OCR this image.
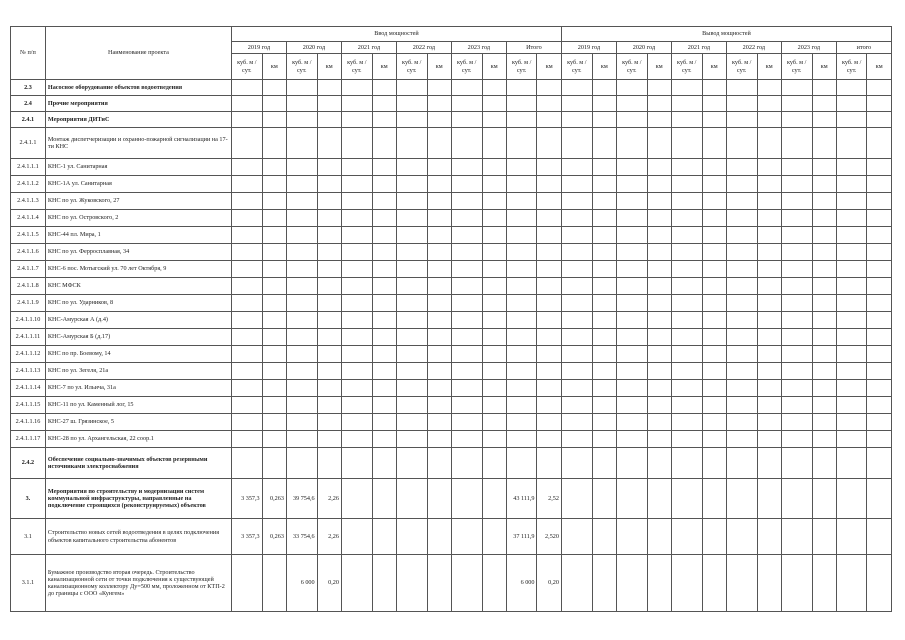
№ п/п	Наименование проекта	Ввод мощностей												Вывод мощностей											
		2019 год		2020 год		2021 год		2022 год		2023 год		Итого		2019 год		2020 год		2021 год		2022 год		2023 год		итого	
		куб. м / сут.	км	куб. м / сут.	км	куб. м / сут.	км	куб. м / сут.	км	куб. м / сут.	км	куб. м / сут.	км	куб. м / сут.	км	куб. м / сут.	км	куб. м / сут.	км	куб. м / сут.	км	куб. м / сут.	км	куб. м / сут.	км
2.3	Насосное оборудование объектов водоотведения																								
2.4	Прочие мероприятия																								
2.4.1	Мероприятия ДИТиС																								
2.4.1.1	Монтаж диспетчеризации и охранно-пожарной сигнализации на 17-ти КНС																								
2.4.1.1.1	КНС-1 ул. Санитарная																								
2.4.1.1.2	КНС-1А ул. Санитарная																								
2.4.1.1.3	КНС по ул. Жуковского, 27																								
2.4.1.1.4	КНС по ул. Островского, 2																								
2.4.1.1.5	КНС-44 пл. Мира, 1																								
2.4.1.1.6	КНС по ул. Ферросплавная, 34																								
2.4.1.1.7	КНС-6 пос. Мотыгский ул. 70 лет Октября, 9																								
2.4.1.1.8	КНС МФСК																								
2.4.1.1.9	КНС по ул. Ударников, 8																								
2.4.1.1.10	КНС-Амурская А (д.4)																								
2.4.1.1.11	КНС-Амурская Б (д.17)																								
2.4.1.1.12	КНС по пр. Боевому, 14																								
2.4.1.1.13	КНС по ул. Зегеля, 21а																								
2.4.1.1.14	КНС-7 по ул. Ильича, 31а																								
2.4.1.1.15	КНС-11 по ул. Каменный лог, 15																								
2.4.1.1.16	КНС-27 ш. Грязинское, 5																								
2.4.1.1.17	КНС-28 по ул. Архангельская, 22 соор.1																								
2.4.2	Обеспечение социально-значимых объектов резервными источниками электроснабжения																								
3.	Мероприятия по строительству и модернизации систем коммунальной инфраструктуры, направленные на подключение строящихся (реконструируемых) объектов	3 357,3	0,263	39 754,6	2,26							43 111,9	2,52												
3.1	Строительство новых сетей водоотведения в целях подключения объектов капитального строительства абонентов	3 357,3	0,263	33 754,6	2,26							37 111,9	2,520												
3.1.1	Бумажное производство вторая очередь. Строительство канализационной сети от точки подключения к существующей канализационному коллектору Ду=500 мм, проложенном от КТП-2 до границы с ООО «Кунгем»			6 000	0,20							6 000	0,20												
